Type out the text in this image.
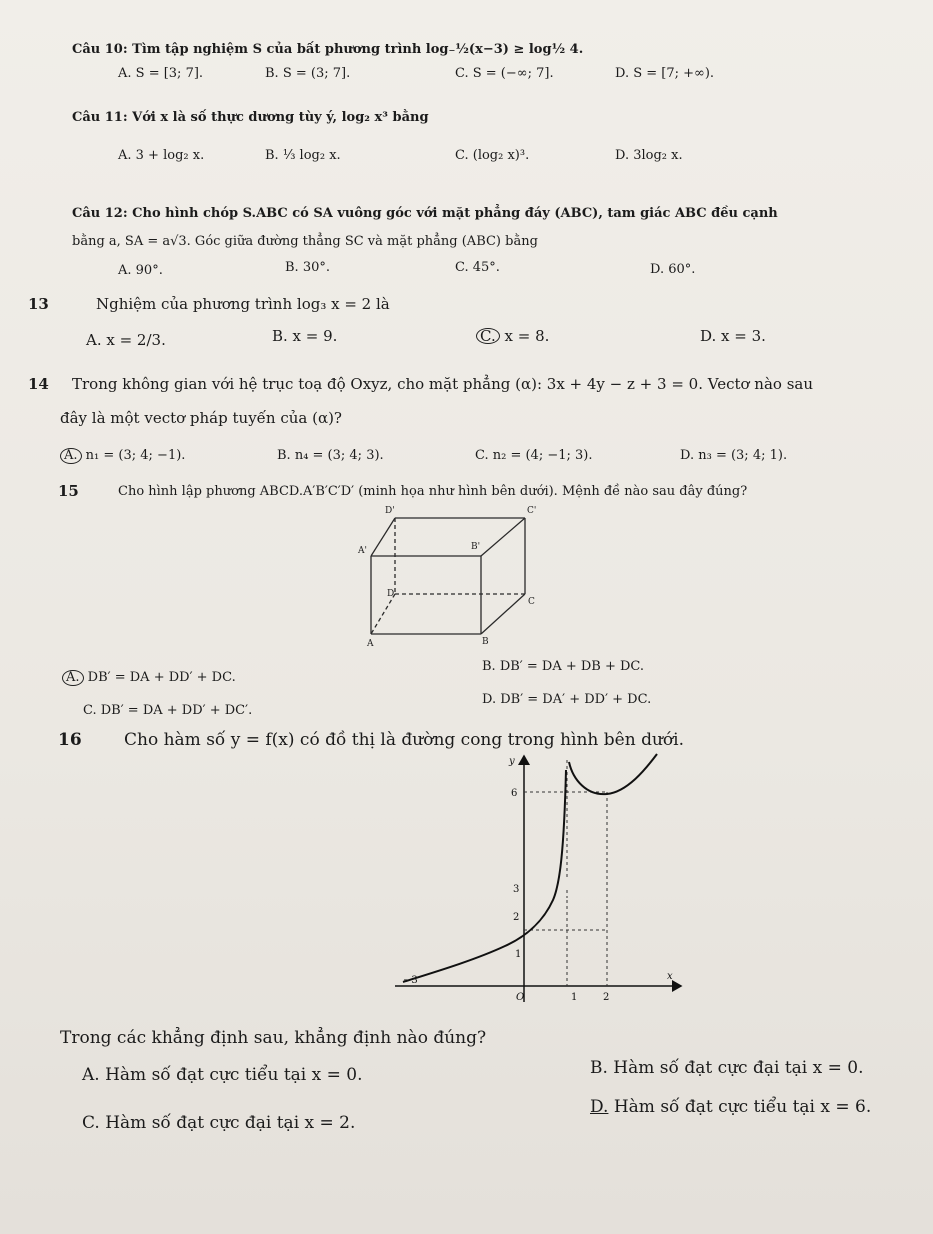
Câu 10: Tìm tập nghiệm S của bất phương trình log₋½(x−3) ≥ log½ 4.
A. S = [3; 7].	B. S = (3; 7].	C. S = (−∞; 7].	D. S = [7; +∞).
Câu 11: Với x là số thực dương tùy ý, log₂ x³ bằng
A. 3 + log₂ x.	B. ⅓ log₂ x.	C. (log₂ x)³.	D. 3log₂ x.
Câu 12: Cho hình chóp S.ABC có SA vuông góc với mặt phẳng đáy (ABC), tam giác ABC đều cạnh
bằng a, SA = a√3. Góc giữa đường thẳng SC và mặt phẳng (ABC) bằng
A. 90°.	B. 30°.	C. 45°.	D. 60°.
13	Nghiệm của phương trình log₃ x = 2 là
A. x = 2/3.	B. x = 9.	C. x = 8.	D. x = 3.
14 Trong không gian với hệ trục toạ độ Oxyz, cho mặt phẳng (α): 3x + 4y − z + 3 = 0. Vectơ nào sau
đây là một vectơ pháp tuyến của (α)?
A. n₁ = (3; 4; −1).	B. n₄ = (3; 4; 3).	C. n₂ = (4; −1; 3).	D. n₃ = (3; 4; 1).
15	Cho hình lập phương ABCD.A′B′C′D′ (minh họa như hình bên dưới). Mệnh đề nào sau đây đúng?
D'	C'
A'	B'
D
C
A	B
A. DB′ = DA + DD′ + DC.
B. DB′ = DA + DB + DC.
C. DB′ = DA + DD′ + DC′.
D. DB′ = DA′ + DD′ + DC.
16 Cho hàm số y = f(x) có đồ thị là đường cong trong hình bên dưới.
y
x
O
6
3
2
1
−3
1	2
Trong các khẳng định sau, khẳng định nào đúng?
A. Hàm số đạt cực tiểu tại x = 0.	B. Hàm số đạt cực đại tại x = 0.
C. Hàm số đạt cực đại tại x = 2.
D. Hàm số đạt cực tiểu tại x = 6.
